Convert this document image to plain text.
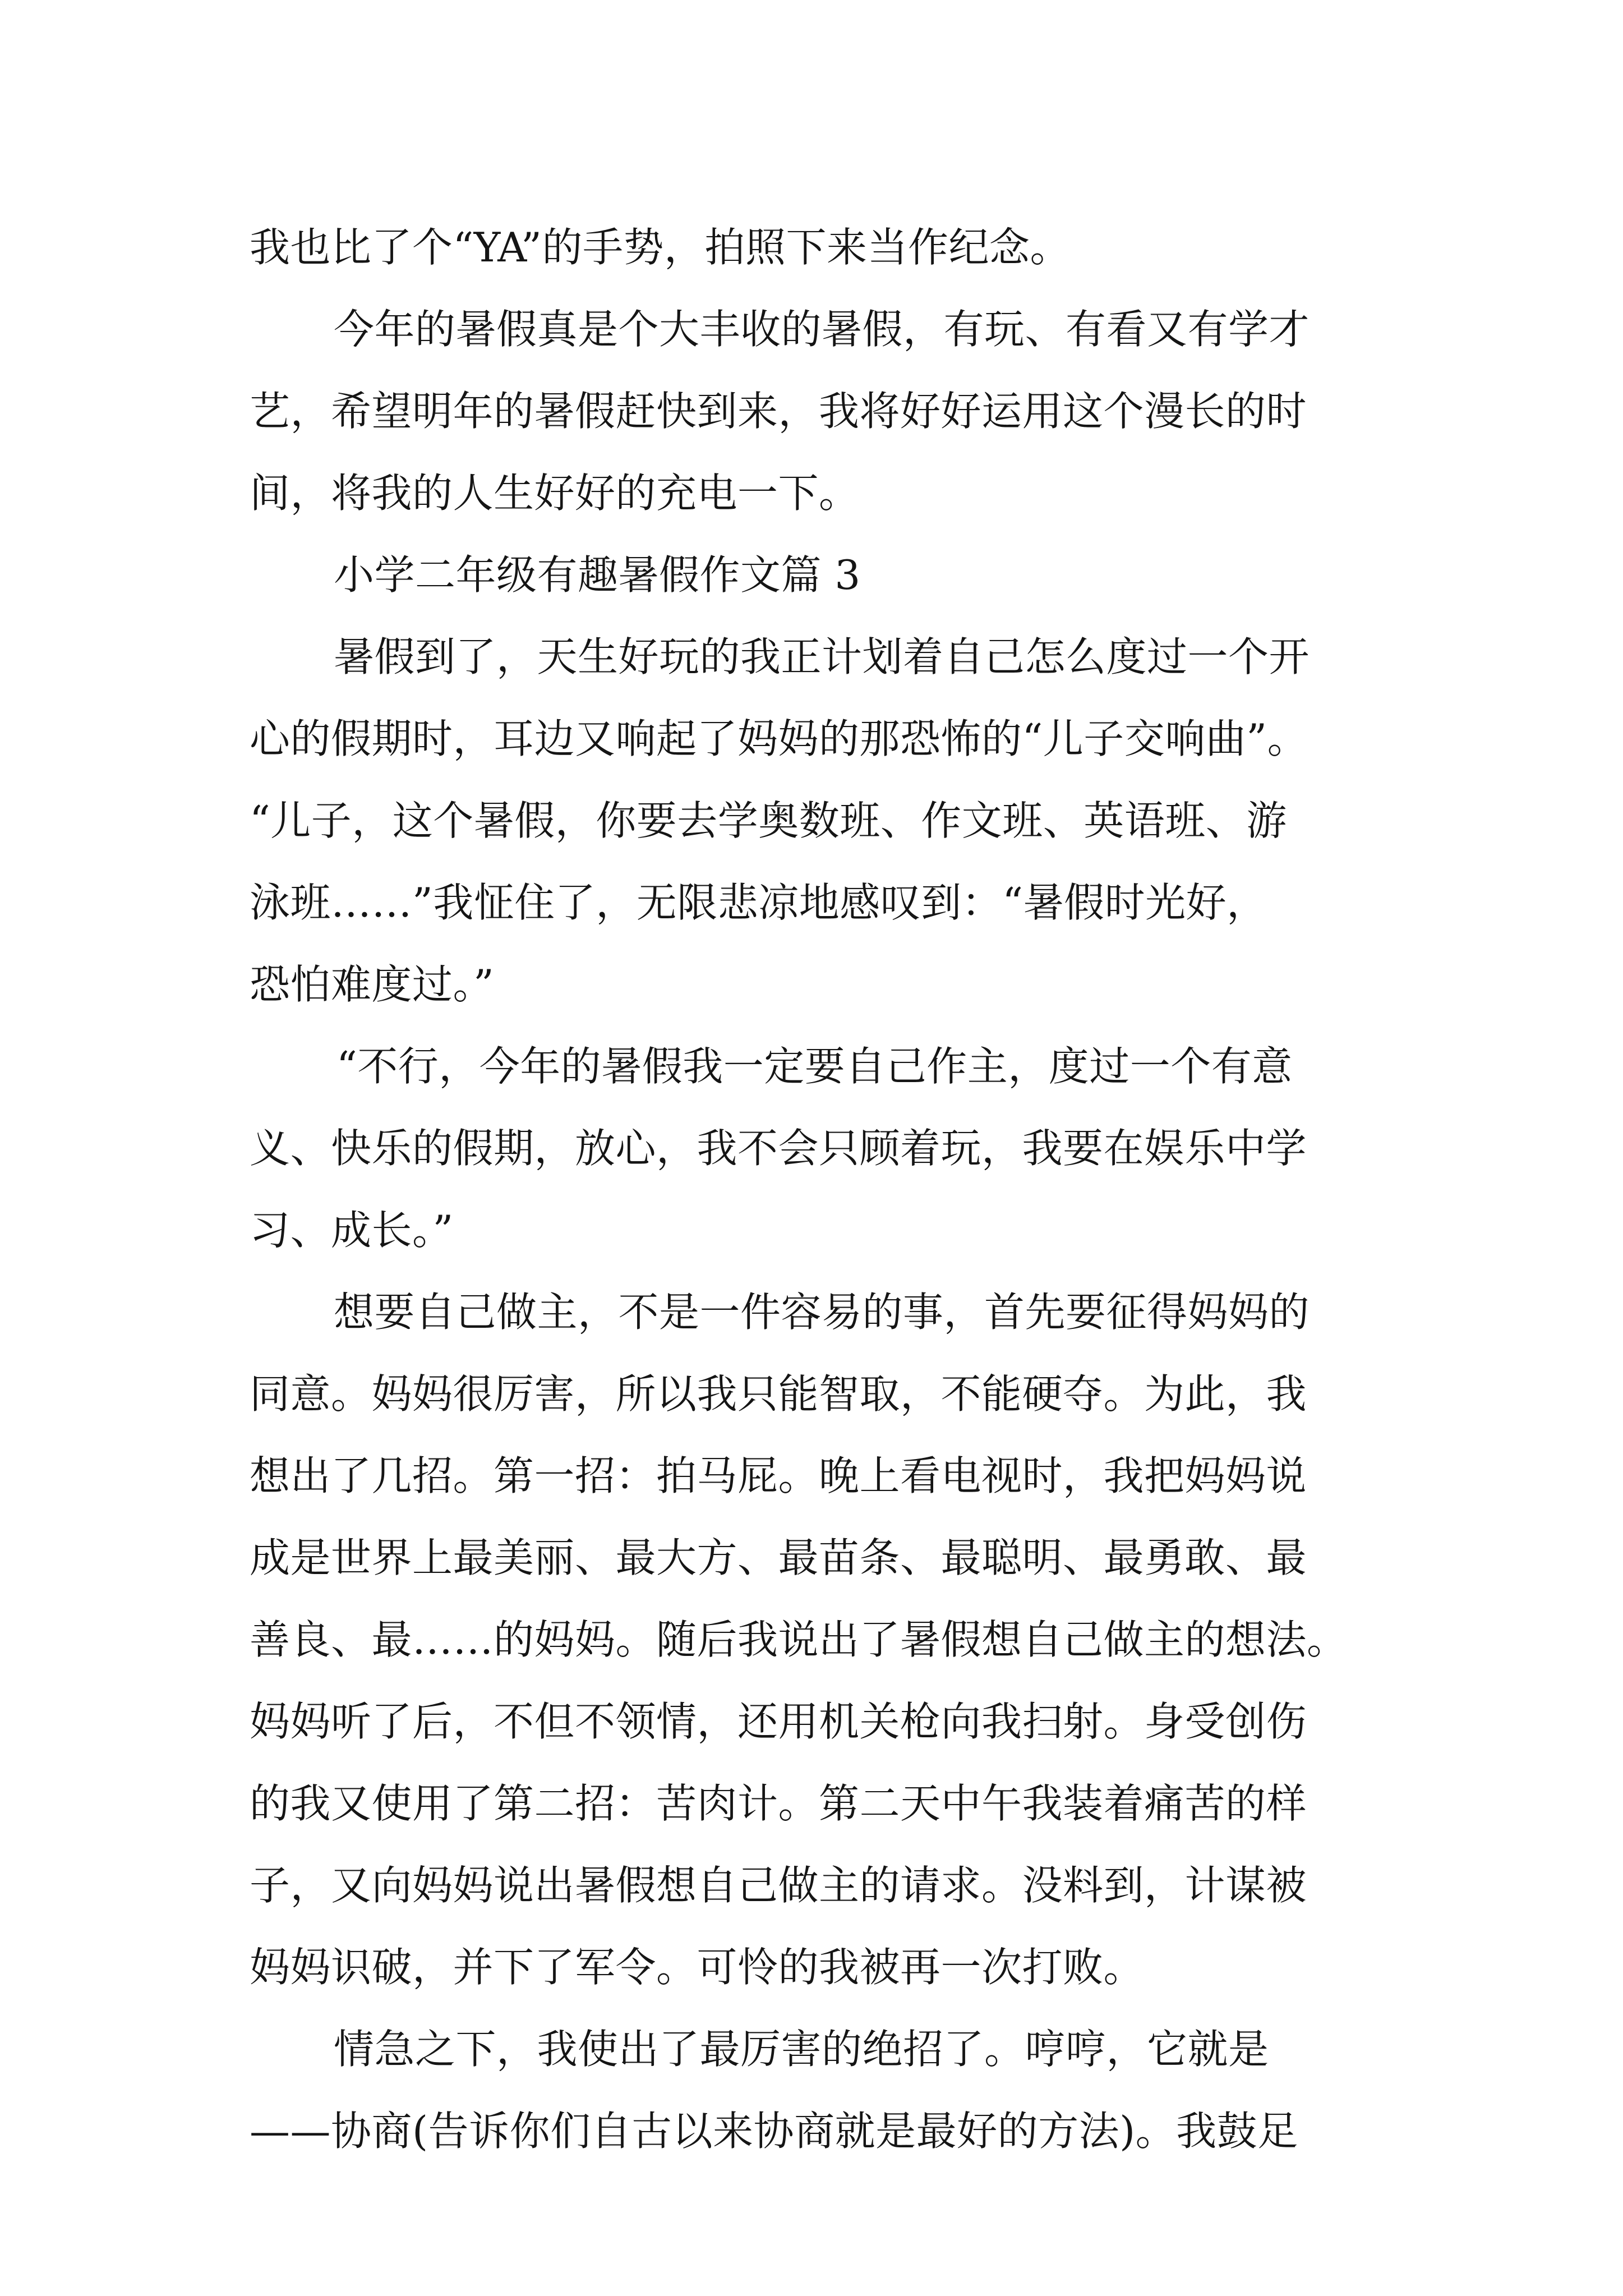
我也比了个“YA”的手势，拍照下来当作纪念。
今年的暑假真是个大丰收的暑假，有玩、有看又有学才
艺，希望明年的暑假赶快到来，我将好好运用这个漫长的时
间，将我的人生好好的充电一下。
小学二年级有趣暑假作文篇 3
暑假到了，天生好玩的我正计划着自己怎么度过一个开
心的假期时，耳边又响起了妈妈的那恐怖的“儿子交响曲”。
“儿子，这个暑假，你要去学奥数班、作文班、英语班、游
泳班……”我怔住了，无限悲凉地感叹到：“暑假时光好，
恐怕难度过。”
“不行，今年的暑假我一定要自己作主，度过一个有意
义、快乐的假期，放心，我不会只顾着玩，我要在娱乐中学
习、成长。”
想要自己做主，不是一件容易的事，首先要征得妈妈的
同意。妈妈很厉害，所以我只能智取，不能硬夺。为此，我
想出了几招。第一招：拍马屁。晚上看电视时，我把妈妈说
成是世界上最美丽、最大方、最苗条、最聪明、最勇敢、最
善良、最……的妈妈。随后我说出了暑假想自己做主的想法。
妈妈听了后，不但不领情，还用机关枪向我扫射。身受创伤
的我又使用了第二招：苦肉计。第二天中午我装着痛苦的样
子，又向妈妈说出暑假想自己做主的请求。没料到，计谋被
妈妈识破，并下了军令。可怜的我被再一次打败。
情急之下，我使出了最厉害的绝招了。哼哼，它就是
——协商(告诉你们自古以来协商就是最好的方法)。我鼓足
